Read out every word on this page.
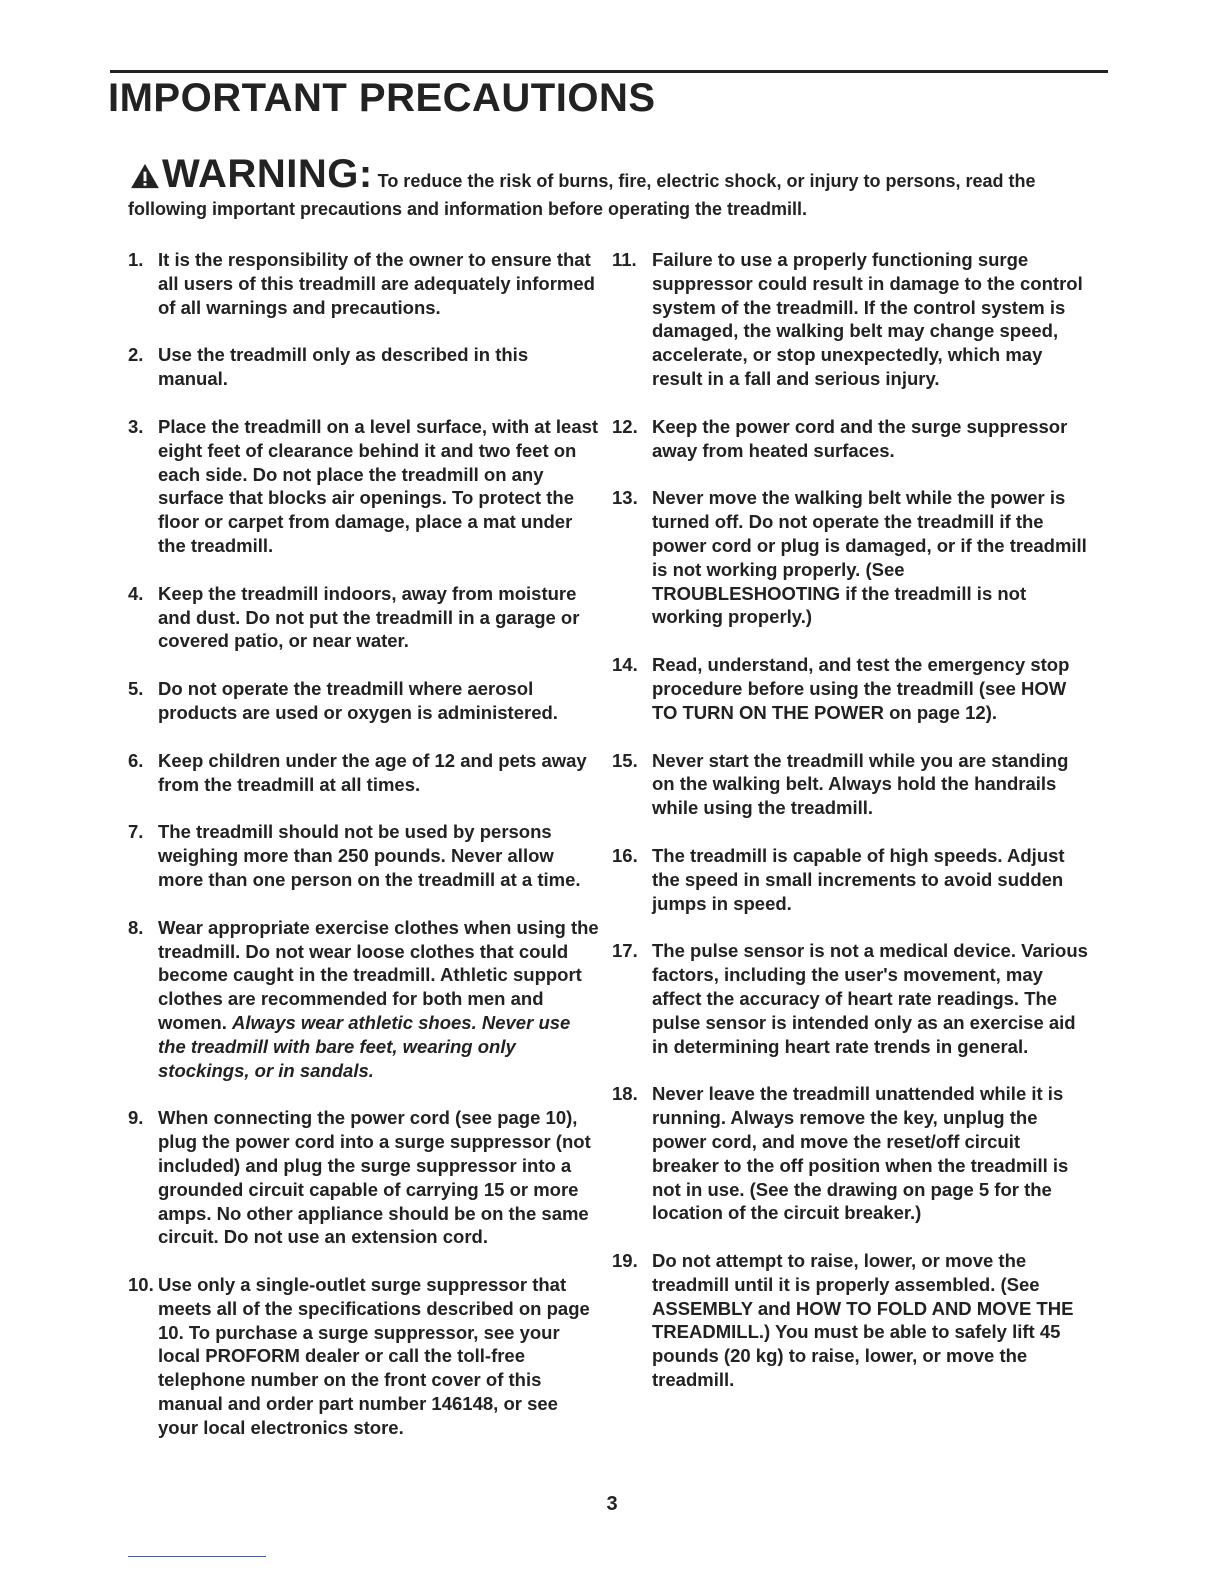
IMPORTANT PRECAUTIONS

WARNING: To reduce the risk of burns, fire, electric shock, or injury to persons, read the following important precautions and information before operating the treadmill.

1. It is the responsibility of the owner to ensure that all users of this treadmill are adequately informed of all warnings and precautions.
2. Use the treadmill only as described in this manual.
3. Place the treadmill on a level surface, with at least eight feet of clearance behind it and two feet on each side. Do not place the treadmill on any surface that blocks air openings. To protect the floor or carpet from damage, place a mat under the treadmill.
4. Keep the treadmill indoors, away from moisture and dust. Do not put the treadmill in a garage or covered patio, or near water.
5. Do not operate the treadmill where aerosol products are used or oxygen is administered.
6. Keep children under the age of 12 and pets away from the treadmill at all times.
7. The treadmill should not be used by persons weighing more than 250 pounds. Never allow more than one person on the treadmill at a time.
8. Wear appropriate exercise clothes when using the treadmill. Do not wear loose clothes that could become caught in the treadmill. Athletic support clothes are recommended for both men and women. Always wear athletic shoes. Never use the treadmill with bare feet, wearing only stockings, or in sandals.
9. When connecting the power cord (see page 10), plug the power cord into a surge suppressor (not included) and plug the surge suppressor into a grounded circuit capable of carrying 15 or more amps. No other appliance should be on the same circuit. Do not use an extension cord.
10. Use only a single-outlet surge suppressor that meets all of the specifications described on page 10. To purchase a surge suppressor, see your local PROFORM dealer or call the toll-free telephone number on the front cover of this manual and order part number 146148, or see your local electronics store.
11. Failure to use a properly functioning surge suppressor could result in damage to the control system of the treadmill. If the control system is damaged, the walking belt may change speed, accelerate, or stop unexpectedly, which may result in a fall and serious injury.
12. Keep the power cord and the surge suppressor away from heated surfaces.
13. Never move the walking belt while the power is turned off. Do not operate the treadmill if the power cord or plug is damaged, or if the treadmill is not working properly. (See TROUBLESHOOTING if the treadmill is not working properly.)
14. Read, understand, and test the emergency stop procedure before using the treadmill (see HOW TO TURN ON THE POWER on page 12).
15. Never start the treadmill while you are standing on the walking belt. Always hold the handrails while using the treadmill.
16. The treadmill is capable of high speeds. Adjust the speed in small increments to avoid sudden jumps in speed.
17. The pulse sensor is not a medical device. Various factors, including the user's movement, may affect the accuracy of heart rate readings. The pulse sensor is intended only as an exercise aid in determining heart rate trends in general.
18. Never leave the treadmill unattended while it is running. Always remove the key, unplug the power cord, and move the reset/off circuit breaker to the off position when the treadmill is not in use. (See the drawing on page 5 for the location of the circuit breaker.)
19. Do not attempt to raise, lower, or move the treadmill until it is properly assembled. (See ASSEMBLY and HOW TO FOLD AND MOVE THE TREADMILL.) You must be able to safely lift 45 pounds (20 kg) to raise, lower, or move the treadmill.
3
